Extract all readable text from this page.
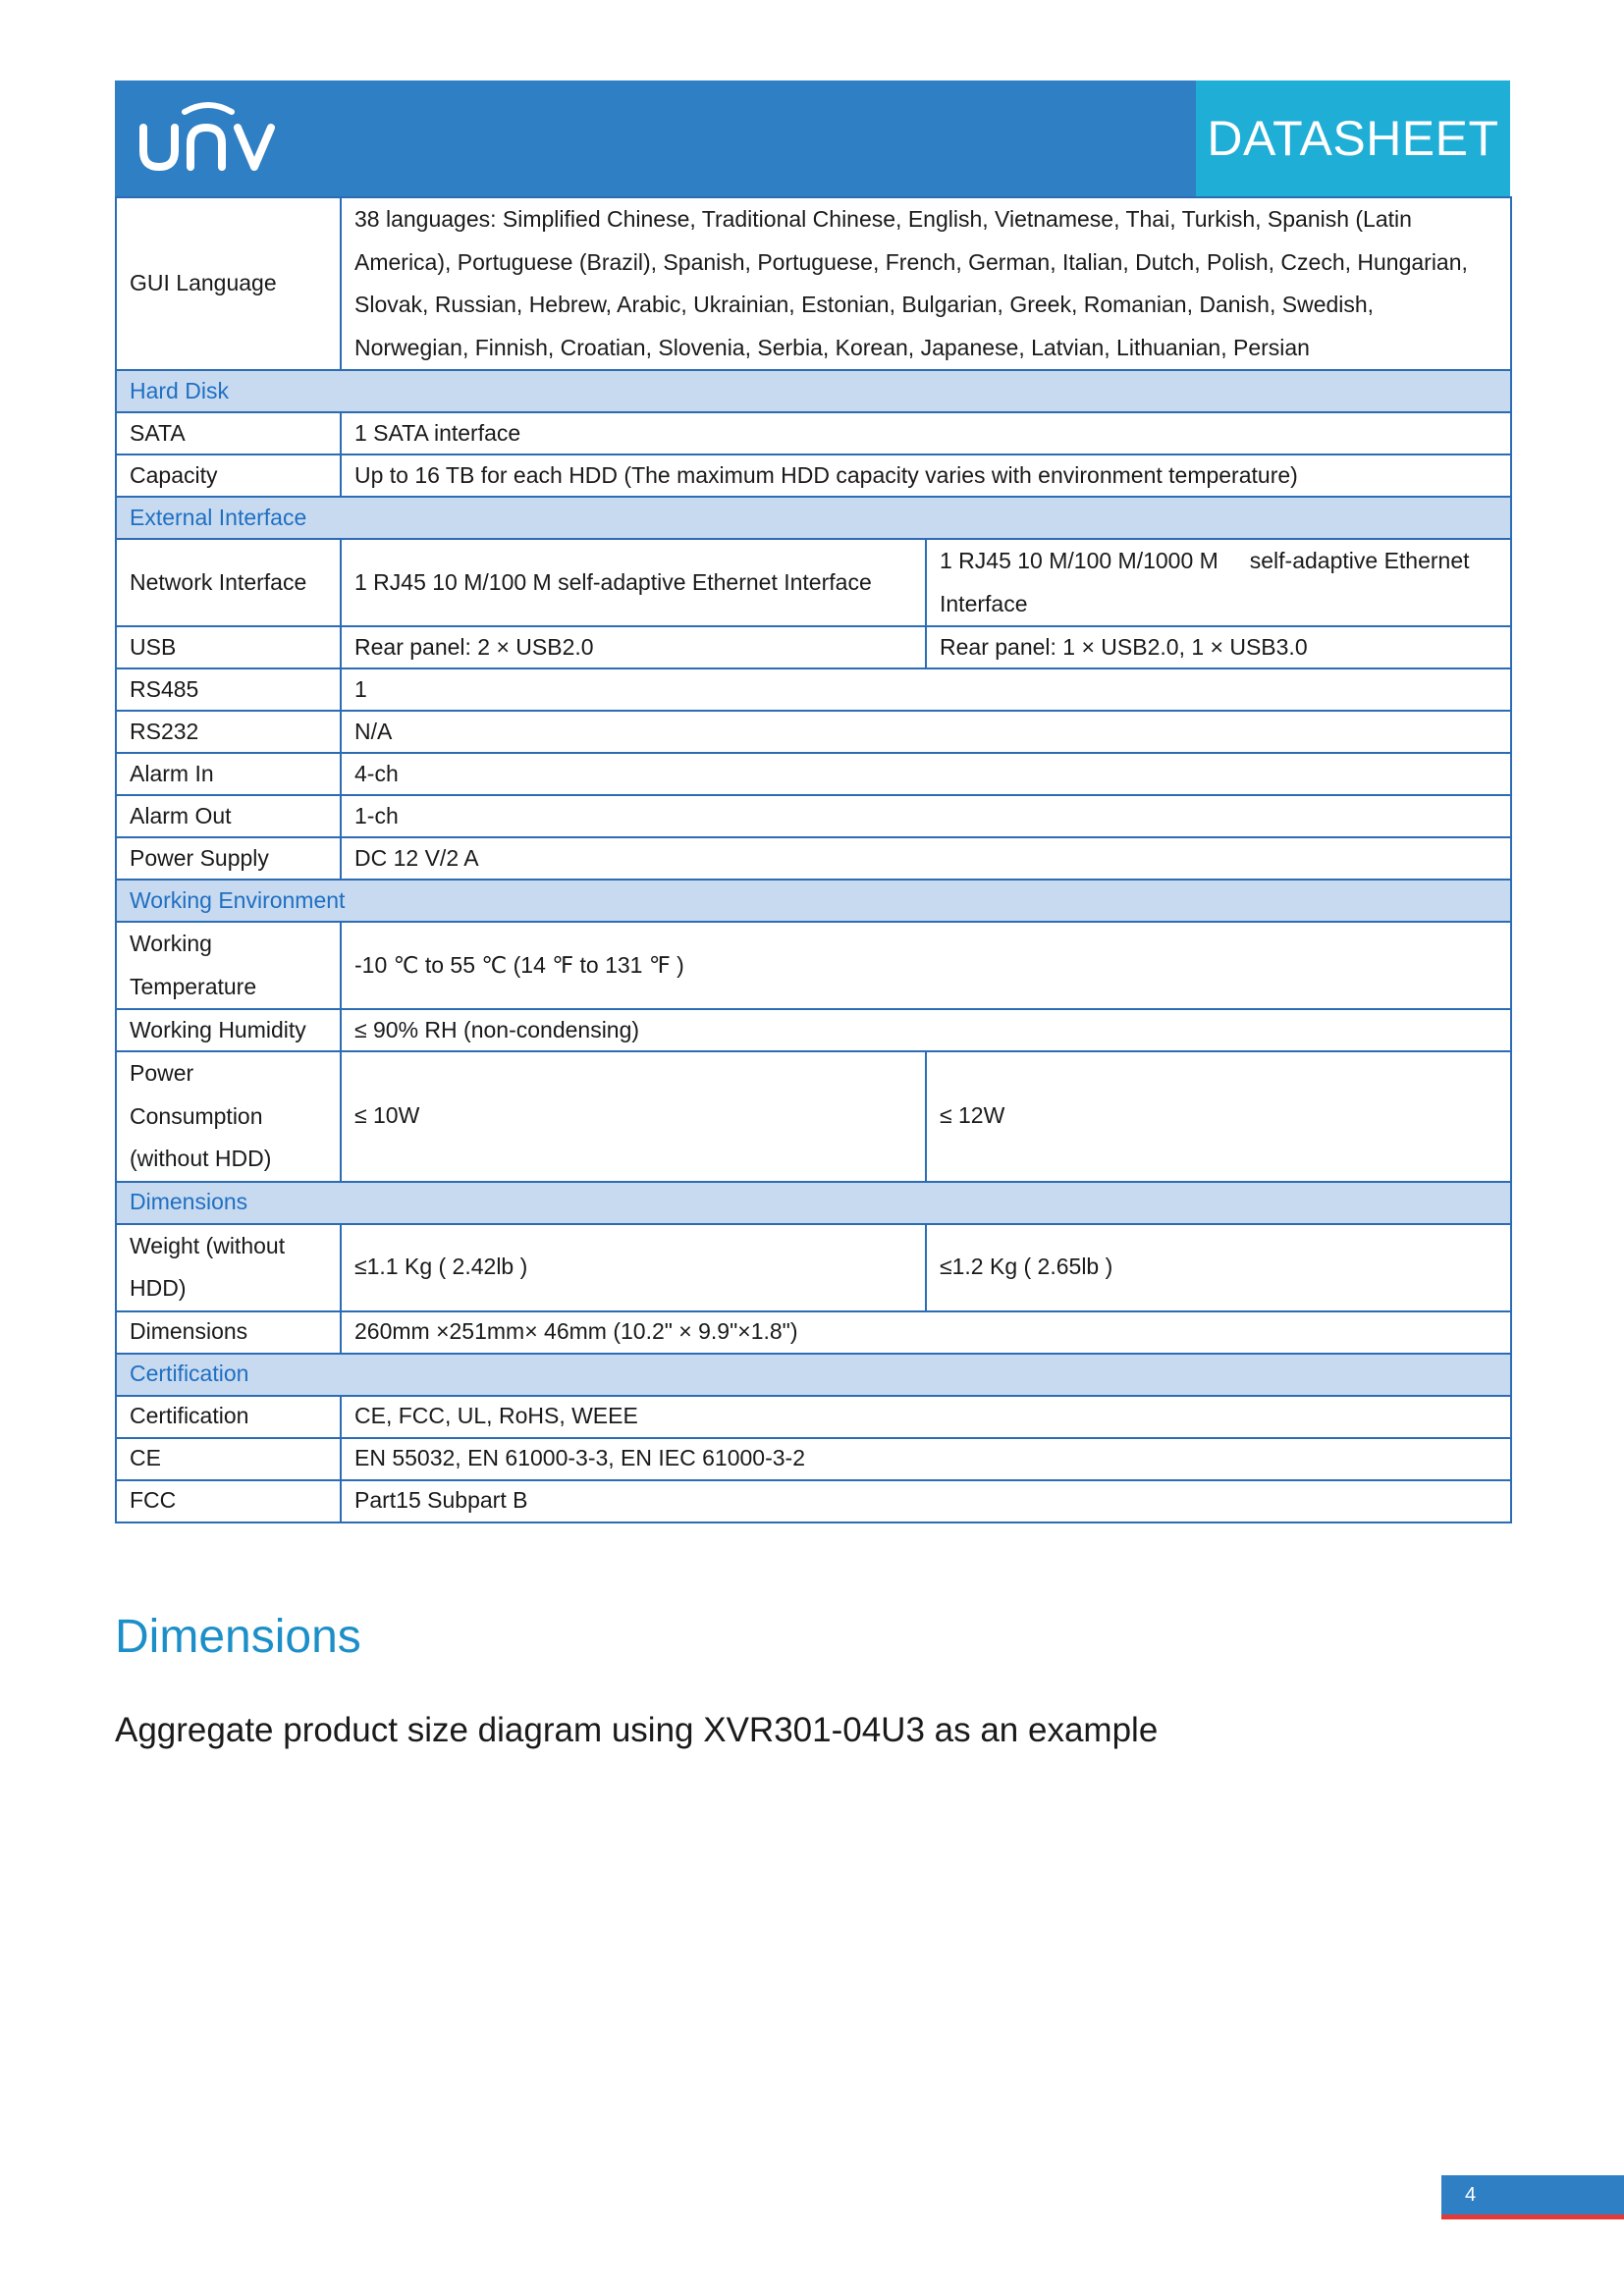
DATASHEET
GUI Language	38 languages: Simplified Chinese, Traditional Chinese, English, Vietnamese, Thai, Turkish, Spanish (Latin
America), Portuguese (Brazil), Spanish, Portuguese, French, German, Italian, Dutch, Polish, Czech, Hungarian,
Slovak, Russian, Hebrew, Arabic, Ukrainian, Estonian, Bulgarian, Greek, Romanian, Danish, Swedish,
Norwegian, Finnish, Croatian, Slovenia, Serbia, Korean, Japanese, Latvian, Lithuanian, Persian	

Hard Disk		
SATA	1 SATA interface	
Capacity	Up to 16 TB for each HDD (The maximum HDD capacity varies with environment temperature)	
External Interface		
Network Interface	1 RJ45 10 M/100 M self-adaptive Ethernet Interface	1 RJ45 10 M/100 M/1000 M     self-adaptive Ethernet
Interface

USB	Rear panel: 2 × USB2.0	Rear panel: 1 × USB2.0, 1 × USB3.0
RS485	1	
RS232	N/A	
Alarm In	4-ch	
Alarm Out	1-ch	
Power Supply	DC 12 V/2 A	
Working Environment		

Working
Temperature	-10 ℃ to 55 ℃ (14 ℉ to 131 ℉ )	
Working Humidity	≤ 90% RH (non-condensing)	

Power
Consumption
(without HDD)	≤ 10W	≤ 12W
Dimensions		

Weight (without
HDD)	≤1.1 Kg ( 2.42lb )	≤1.2 Kg ( 2.65lb )
Dimensions	260mm ×251mm× 46mm (10.2" × 9.9"×1.8")	
Certification		
Certification	CE, FCC, UL, RoHS, WEEE	
CE	EN 55032, EN 61000-3-3, EN IEC 61000-3-2	
FCC	Part15 Subpart B	
Dimensions
Aggregate product size diagram using XVR301-04U3 as an example
4
